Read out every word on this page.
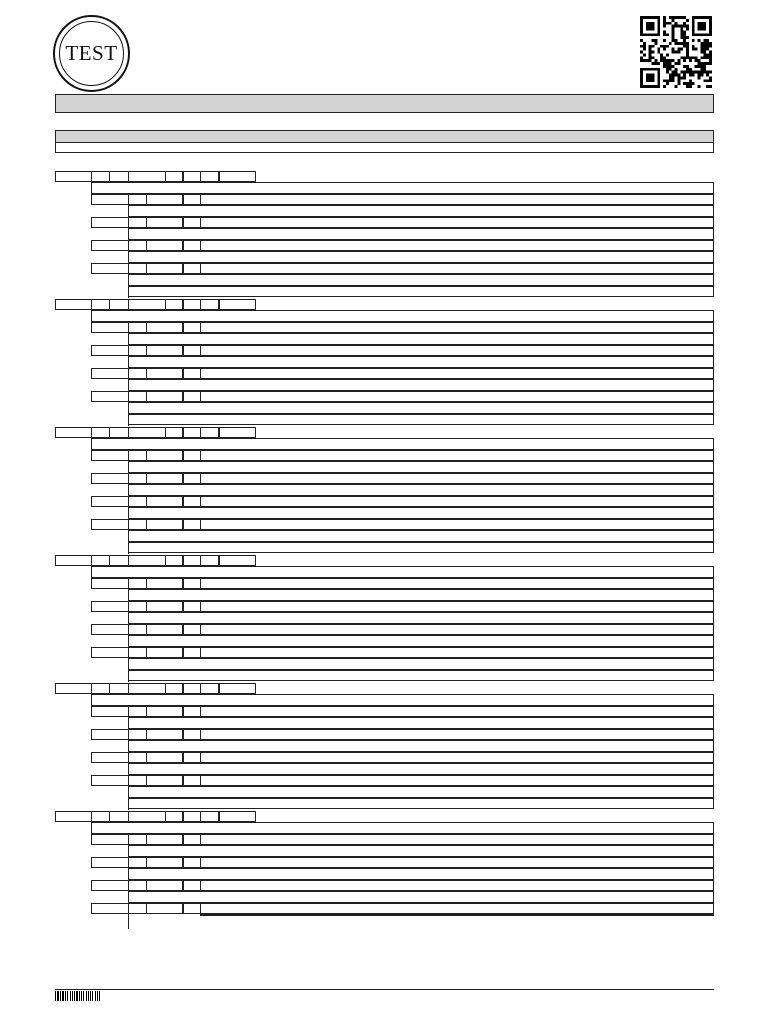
TEST
